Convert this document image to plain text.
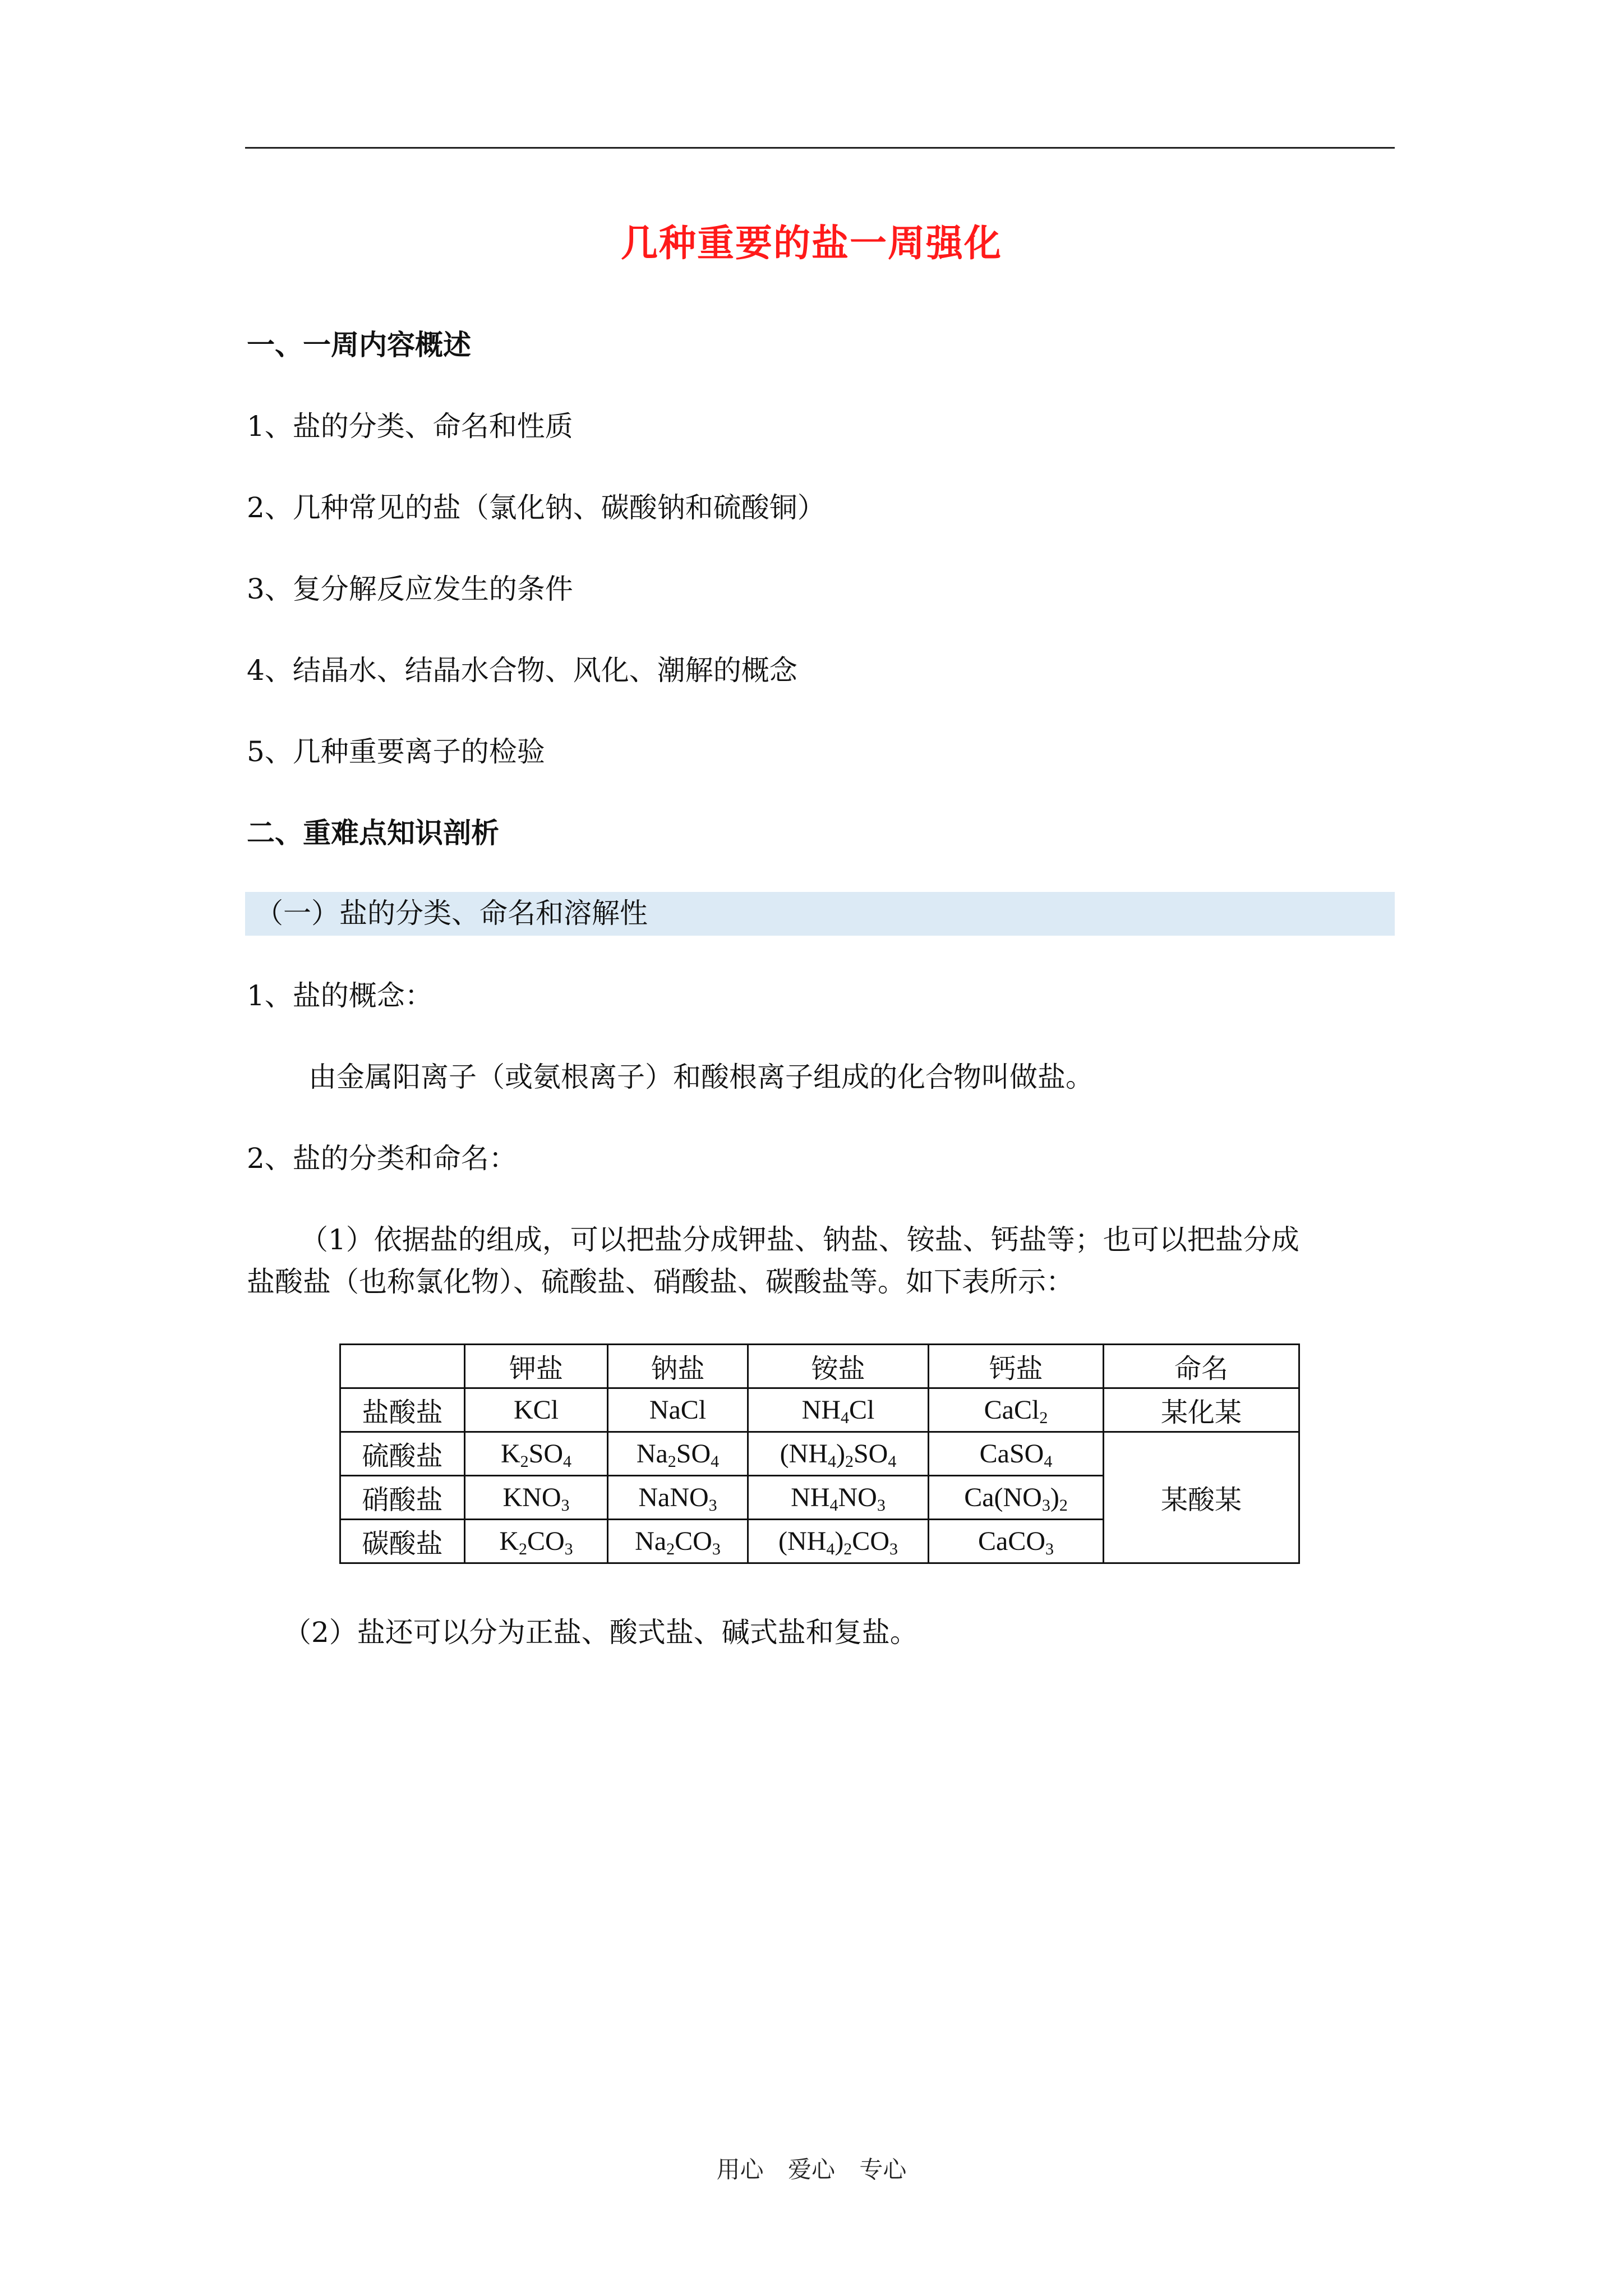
几种重要的盐一周强化
一、一周内容概述
1、盐的分类、命名和性质
2、几种常见的盐（氯化钠、碳酸钠和硫酸铜）
3、复分解反应发生的条件
4、结晶水、结晶水合物、风化、潮解的概念
5、几种重要离子的检验
二、重难点知识剖析
（一）盐的分类、命名和溶解性
1、盐的概念：
由金属阳离子（或氨根离子）和酸根离子组成的化合物叫做盐。
2、盐的分类和命名：
（1）依据盐的组成，可以把盐分成钾盐、钠盐、铵盐、钙盐等；也可以把盐分成
盐酸盐（也称氯化物）、硫酸盐、硝酸盐、碳酸盐等。如下表所示：
	钾盐	钠盐	铵盐	钙盐	命名
盐酸盐	KCl	NaCl	$NH_4Cl$	CaCl$_2$	某化某
硫酸盐	$K_2SO_4$	$Na_2SO_4$	$(NH_4)_2SO_4$	CaSO$_4$	某酸某
硝酸盐	$KNO_3$	NaNO$_3$	$NH_4NO_3$	$Ca(NO_3)_2$
碳酸盐	$K_2CO_3$	$Na_2CO_3$	$(NH_4)_2CO_3$	CaCO$_3$
（2）盐还可以分为正盐、酸式盐、碱式盐和复盐。
用心 爱心 专心
